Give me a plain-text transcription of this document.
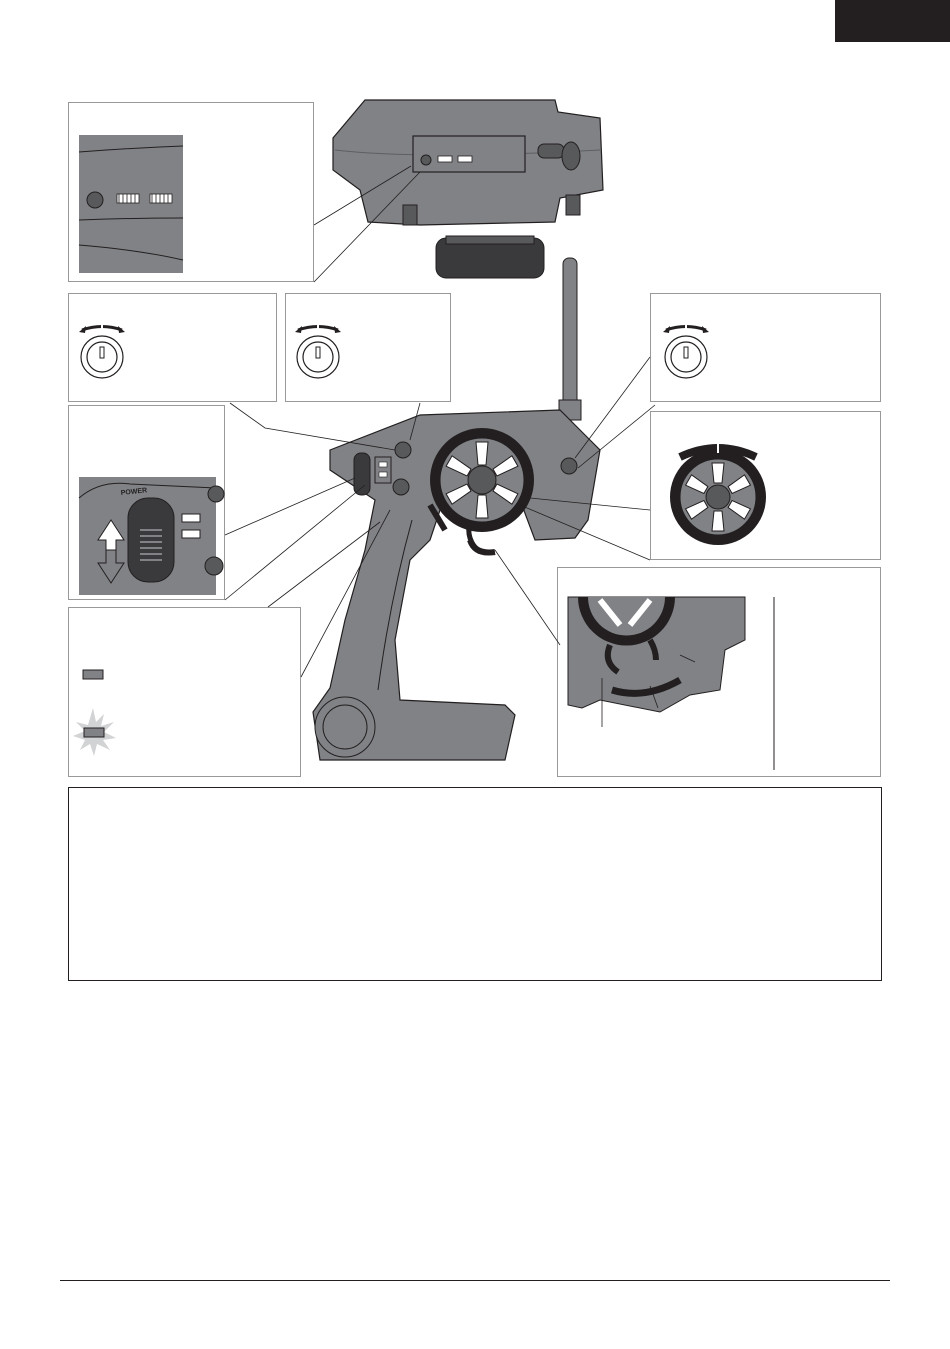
POWER
